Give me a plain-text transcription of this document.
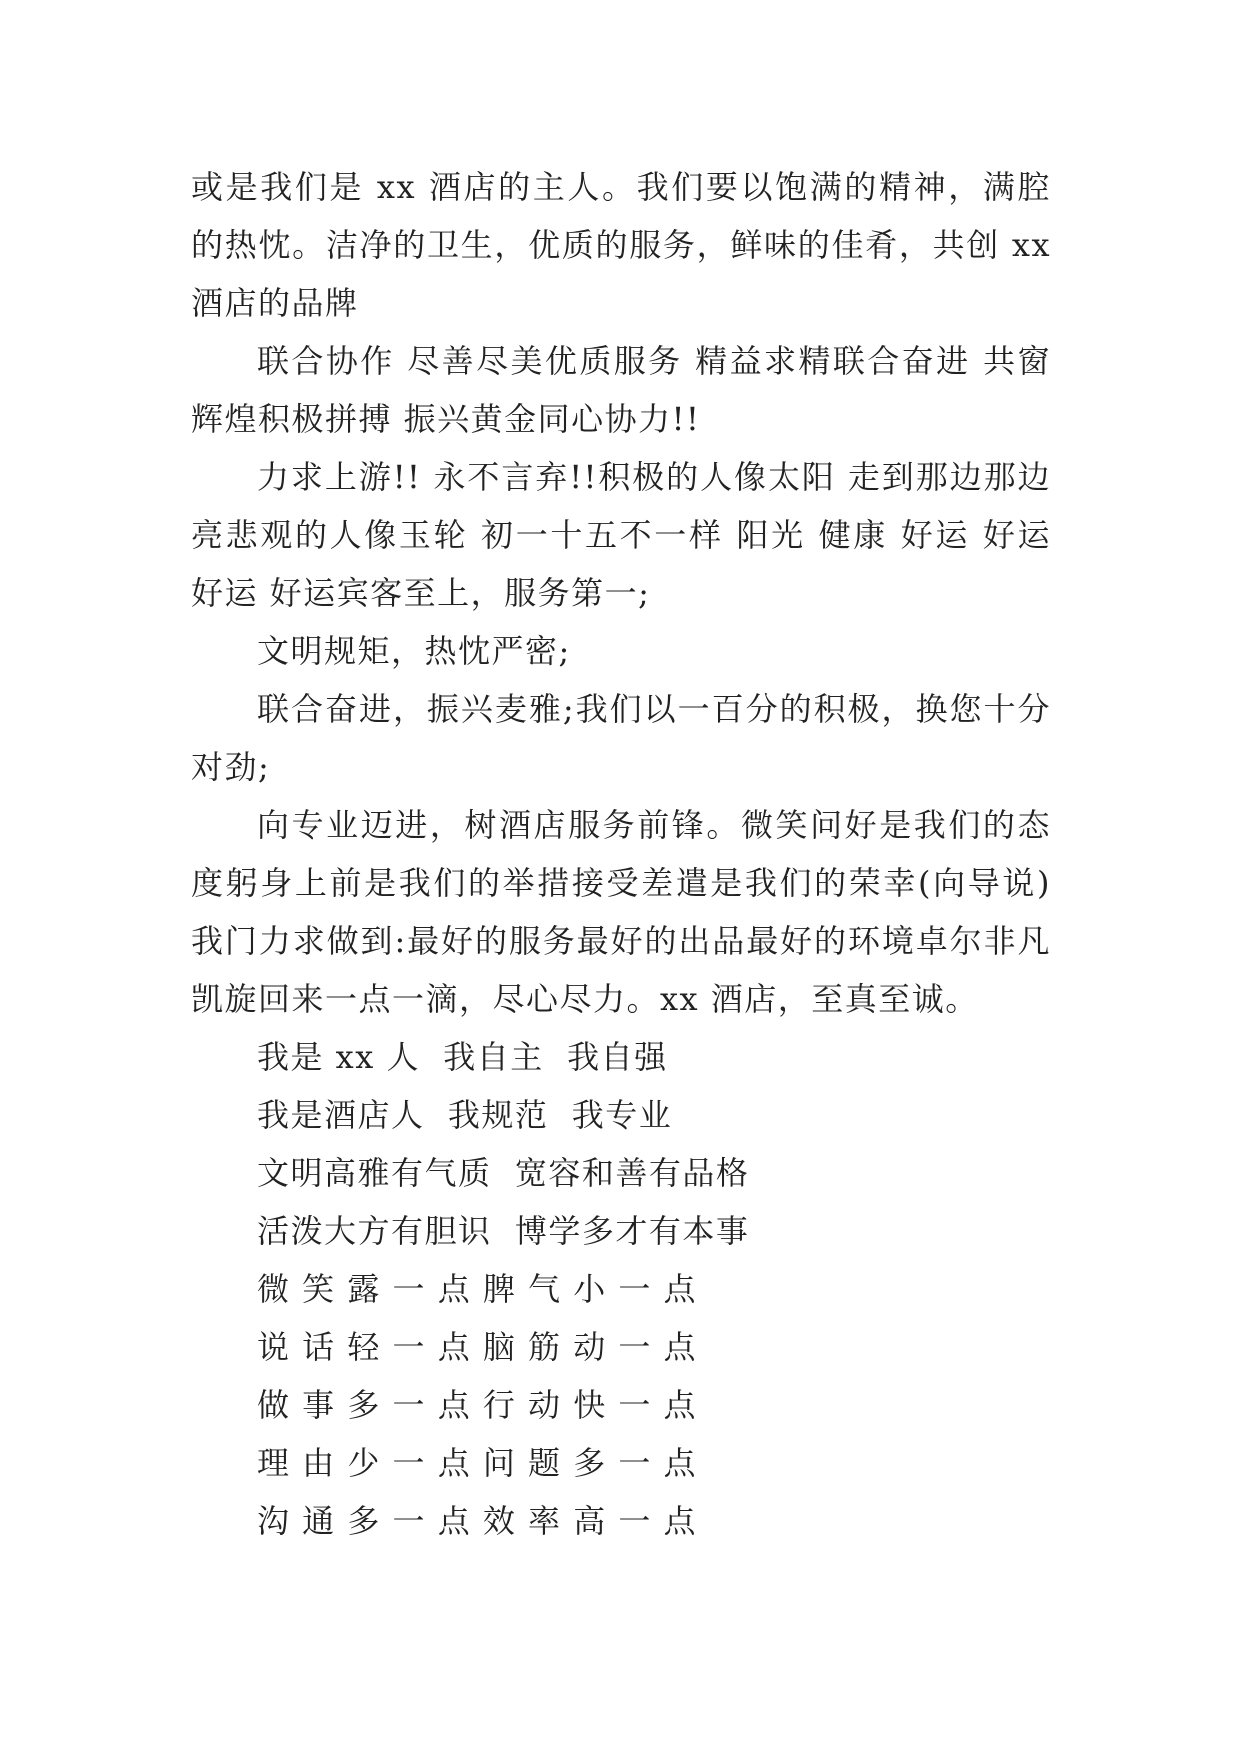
或是我们是 xx 酒店的主人。我们要以饱满的精神，满腔的热忱。洁净的卫生，优质的服务，鲜味的佳肴，共创 xx 酒店的品牌

联合协作 尽善尽美优质服务 精益求精联合奋进 共窗辉煌积极拼搏 振兴黄金同心协力!!

力求上游!! 永不言弃!!积极的人像太阳 走到那边那边亮悲观的人像玉轮 初一十五不一样 阳光 健康 好运 好运好运 好运宾客至上，服务第一;

文明规矩，热忱严密;

联合奋进，振兴麦雅;我们以一百分的积极，换您十分对劲;

向专业迈进，树酒店服务前锋。微笑问好是我们的态度躬身上前是我们的举措接受差遣是我们的荣幸(向导说)我门力求做到:最好的服务最好的出品最好的环境卓尔非凡 凯旋回来一点一滴，尽心尽力。xx 酒店，至真至诚。

我是 xx 人  我自主  我自强

我是酒店人  我规范  我专业

文明高雅有气质  宽容和善有品格

活泼大方有胆识  博学多才有本事

微 笑 露 一 点 脾 气 小 一 点

说 话 轻 一 点 脑 筋 动 一 点

做 事 多 一 点 行 动 快 一 点

理 由 少 一 点 问 题 多 一 点

沟 通 多 一 点 效 率 高 一 点
